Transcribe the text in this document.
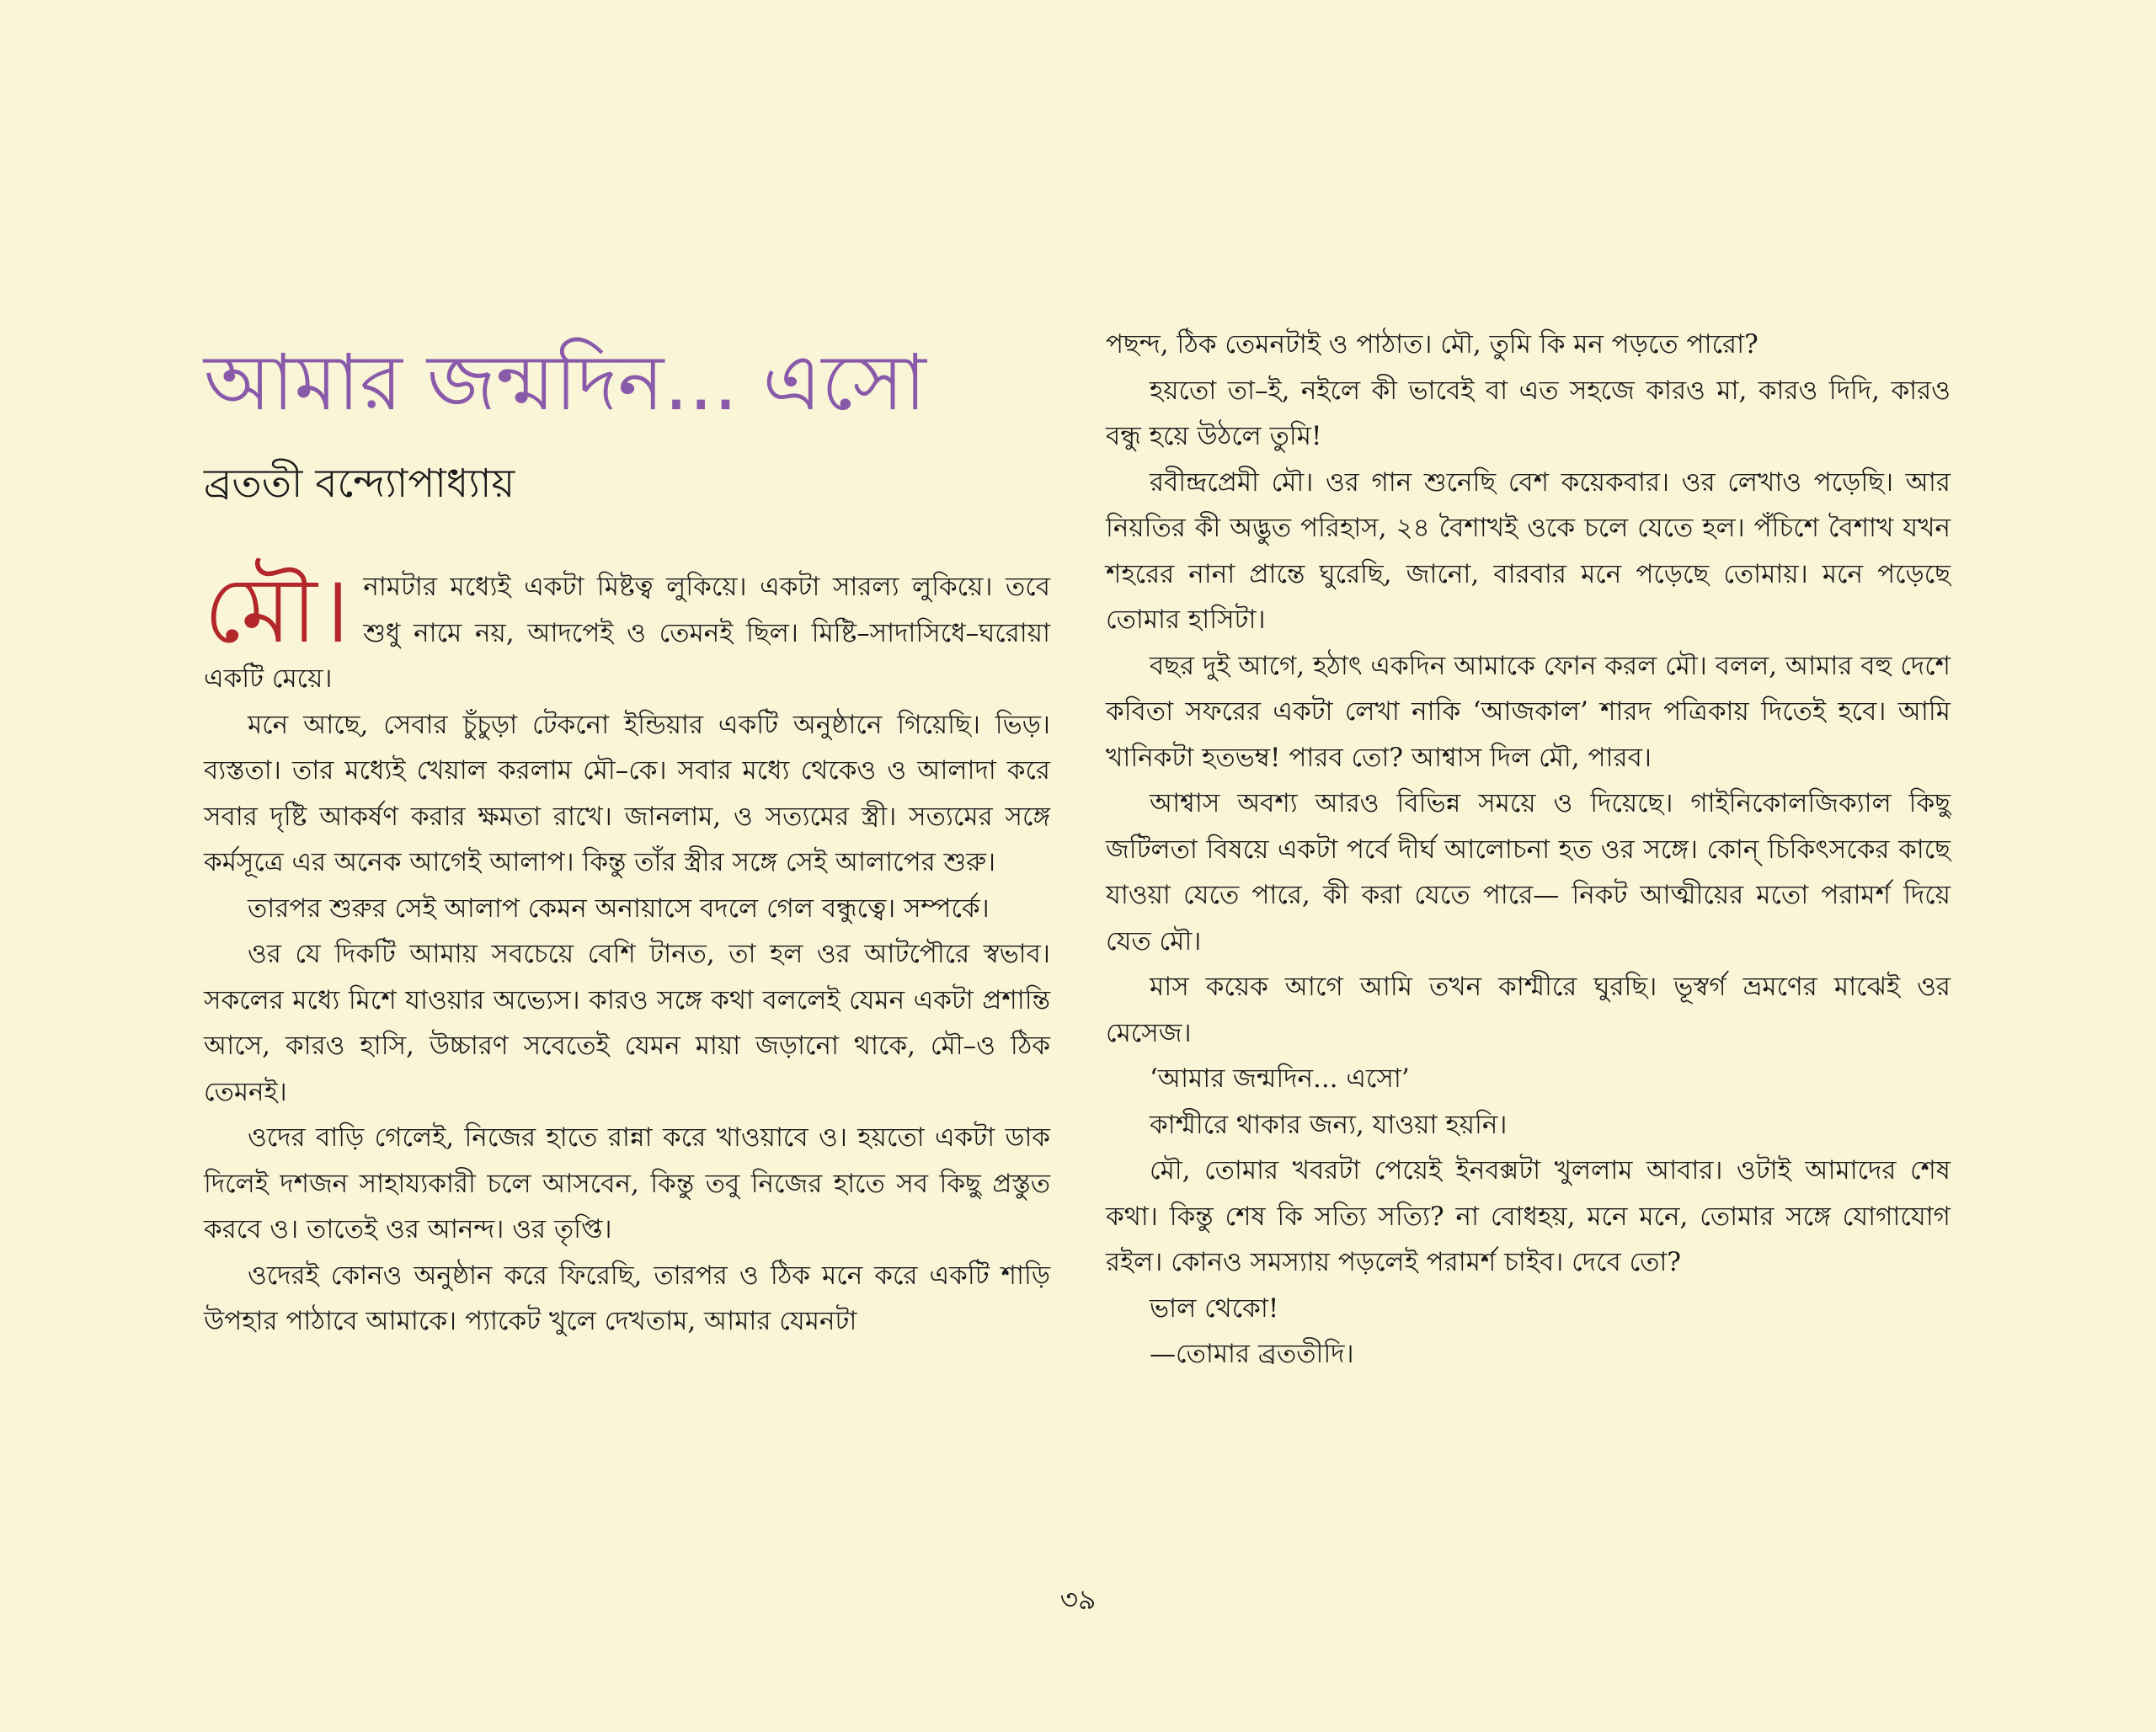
আমার জন্মদিন... এসো
ব্রততী বন্দ্যোপাধ্যায়

মৌ। নামটার মধ্যেই একটা মিষ্টত্ব লুকিয়ে। একটা সারল্য লুকিয়ে। তবে শুধু নামে নয়, আদপেই ও তেমনই ছিল। মিষ্টি–সাদাসিধে–ঘরোয়া একটি মেয়ে।

মনে আছে, সেবার চুঁচুড়া টেকনো ইন্ডিয়ার একটি অনুষ্ঠানে গিয়েছি। ভিড়। ব্যস্ততা। তার মধ্যেই খেয়াল করলাম মৌ–কে। সবার মধ্যে থেকেও ও আলাদা করে সবার দৃষ্টি আকর্ষণ করার ক্ষমতা রাখে। জানলাম, ও সত্যমের স্ত্রী। সত্যমের সঙ্গে কর্মসূত্রে এর অনেক আগেই আলাপ। কিন্তু তাঁর স্ত্রীর সঙ্গে সেই আলাপের শুরু।

তারপর শুরুর সেই আলাপ কেমন অনায়াসে বদলে গেল বন্ধুত্বে। সম্পর্কে।

ওর যে দিকটি আমায় সবচেয়ে বেশি টানত, তা হল ওর আটপৌরে স্বভাব। সকলের মধ্যে মিশে যাওয়ার অভ্যেস। কারও সঙ্গে কথা বললেই যেমন একটা প্রশান্তি আসে, কারও হাসি, উচ্চারণ সবেতেই যেমন মায়া জড়ানো থাকে, মৌ–ও ঠিক তেমনই।

ওদের বাড়ি গেলেই, নিজের হাতে রান্না করে খাওয়াবে ও। হয়তো একটা ডাক দিলেই দশজন সাহায্যকারী চলে আসবেন, কিন্তু তবু নিজের হাতে সব কিছু প্রস্তুত করবে ও। তাতেই ওর আনন্দ। ওর তৃপ্তি।

ওদেরই কোনও অনুষ্ঠান করে ফিরেছি, তারপর ও ঠিক মনে করে একটি শাড়ি উপহার পাঠাবে আমাকে। প্যাকেট খুলে দেখতাম, আমার যেমনটা

পছন্দ, ঠিক তেমনটাই ও পাঠাত। মৌ, তুমি কি মন পড়তে পারো?

হয়তো তা–ই, নইলে কী ভাবেই বা এত সহজে কারও মা, কারও দিদি, কারও বন্ধু হয়ে উঠলে তুমি!

রবীন্দ্রপ্রেমী মৌ। ওর গান শুনেছি বেশ কয়েকবার। ওর লেখাও পড়েছি। আর নিয়তির কী অদ্ভুত পরিহাস, ২৪ বৈশাখই ওকে চলে যেতে হল। পঁচিশে বৈশাখ যখন শহরের নানা প্রান্তে ঘুরেছি, জানো, বারবার মনে পড়েছে তোমায়। মনে পড়েছে তোমার হাসিটা।

বছর দুই আগে, হঠাৎ একদিন আমাকে ফোন করল মৌ। বলল, আমার বহু দেশে কবিতা সফরের একটা লেখা নাকি ‘আজকাল’ শারদ পত্রিকায় দিতেই হবে। আমি খানিকটা হতভম্ব! পারব তো? আশ্বাস দিল মৌ, পারব।

আশ্বাস অবশ্য আরও বিভিন্ন সময়ে ও দিয়েছে। গাইনিকোলজিক্যাল কিছু জটিলতা বিষয়ে একটা পর্বে দীর্ঘ আলোচনা হত ওর সঙ্গে। কোন্ চিকিৎসকের কাছে যাওয়া যেতে পারে, কী করা যেতে পারে— নিকট আত্মীয়ের মতো পরামর্শ দিয়ে যেত মৌ।

মাস কয়েক আগে আমি তখন কাশ্মীরে ঘুরছি। ভূস্বর্গ ভ্রমণের মাঝেই ওর মেসেজ।

‘আমার জন্মদিন... এসো’

কাশ্মীরে থাকার জন্য, যাওয়া হয়নি।

মৌ, তোমার খবরটা পেয়েই ইনবক্সটা খুললাম আবার। ওটাই আমাদের শেষ কথা। কিন্তু শেষ কি সত্যি সত্যি? না বোধহয়, মনে মনে, তোমার সঙ্গে যোগাযোগ রইল। কোনও সমস্যায় পড়লেই পরামর্শ চাইব। দেবে তো?

ভাল থেকো!

—তোমার ব্রততীদি।

৩৯
